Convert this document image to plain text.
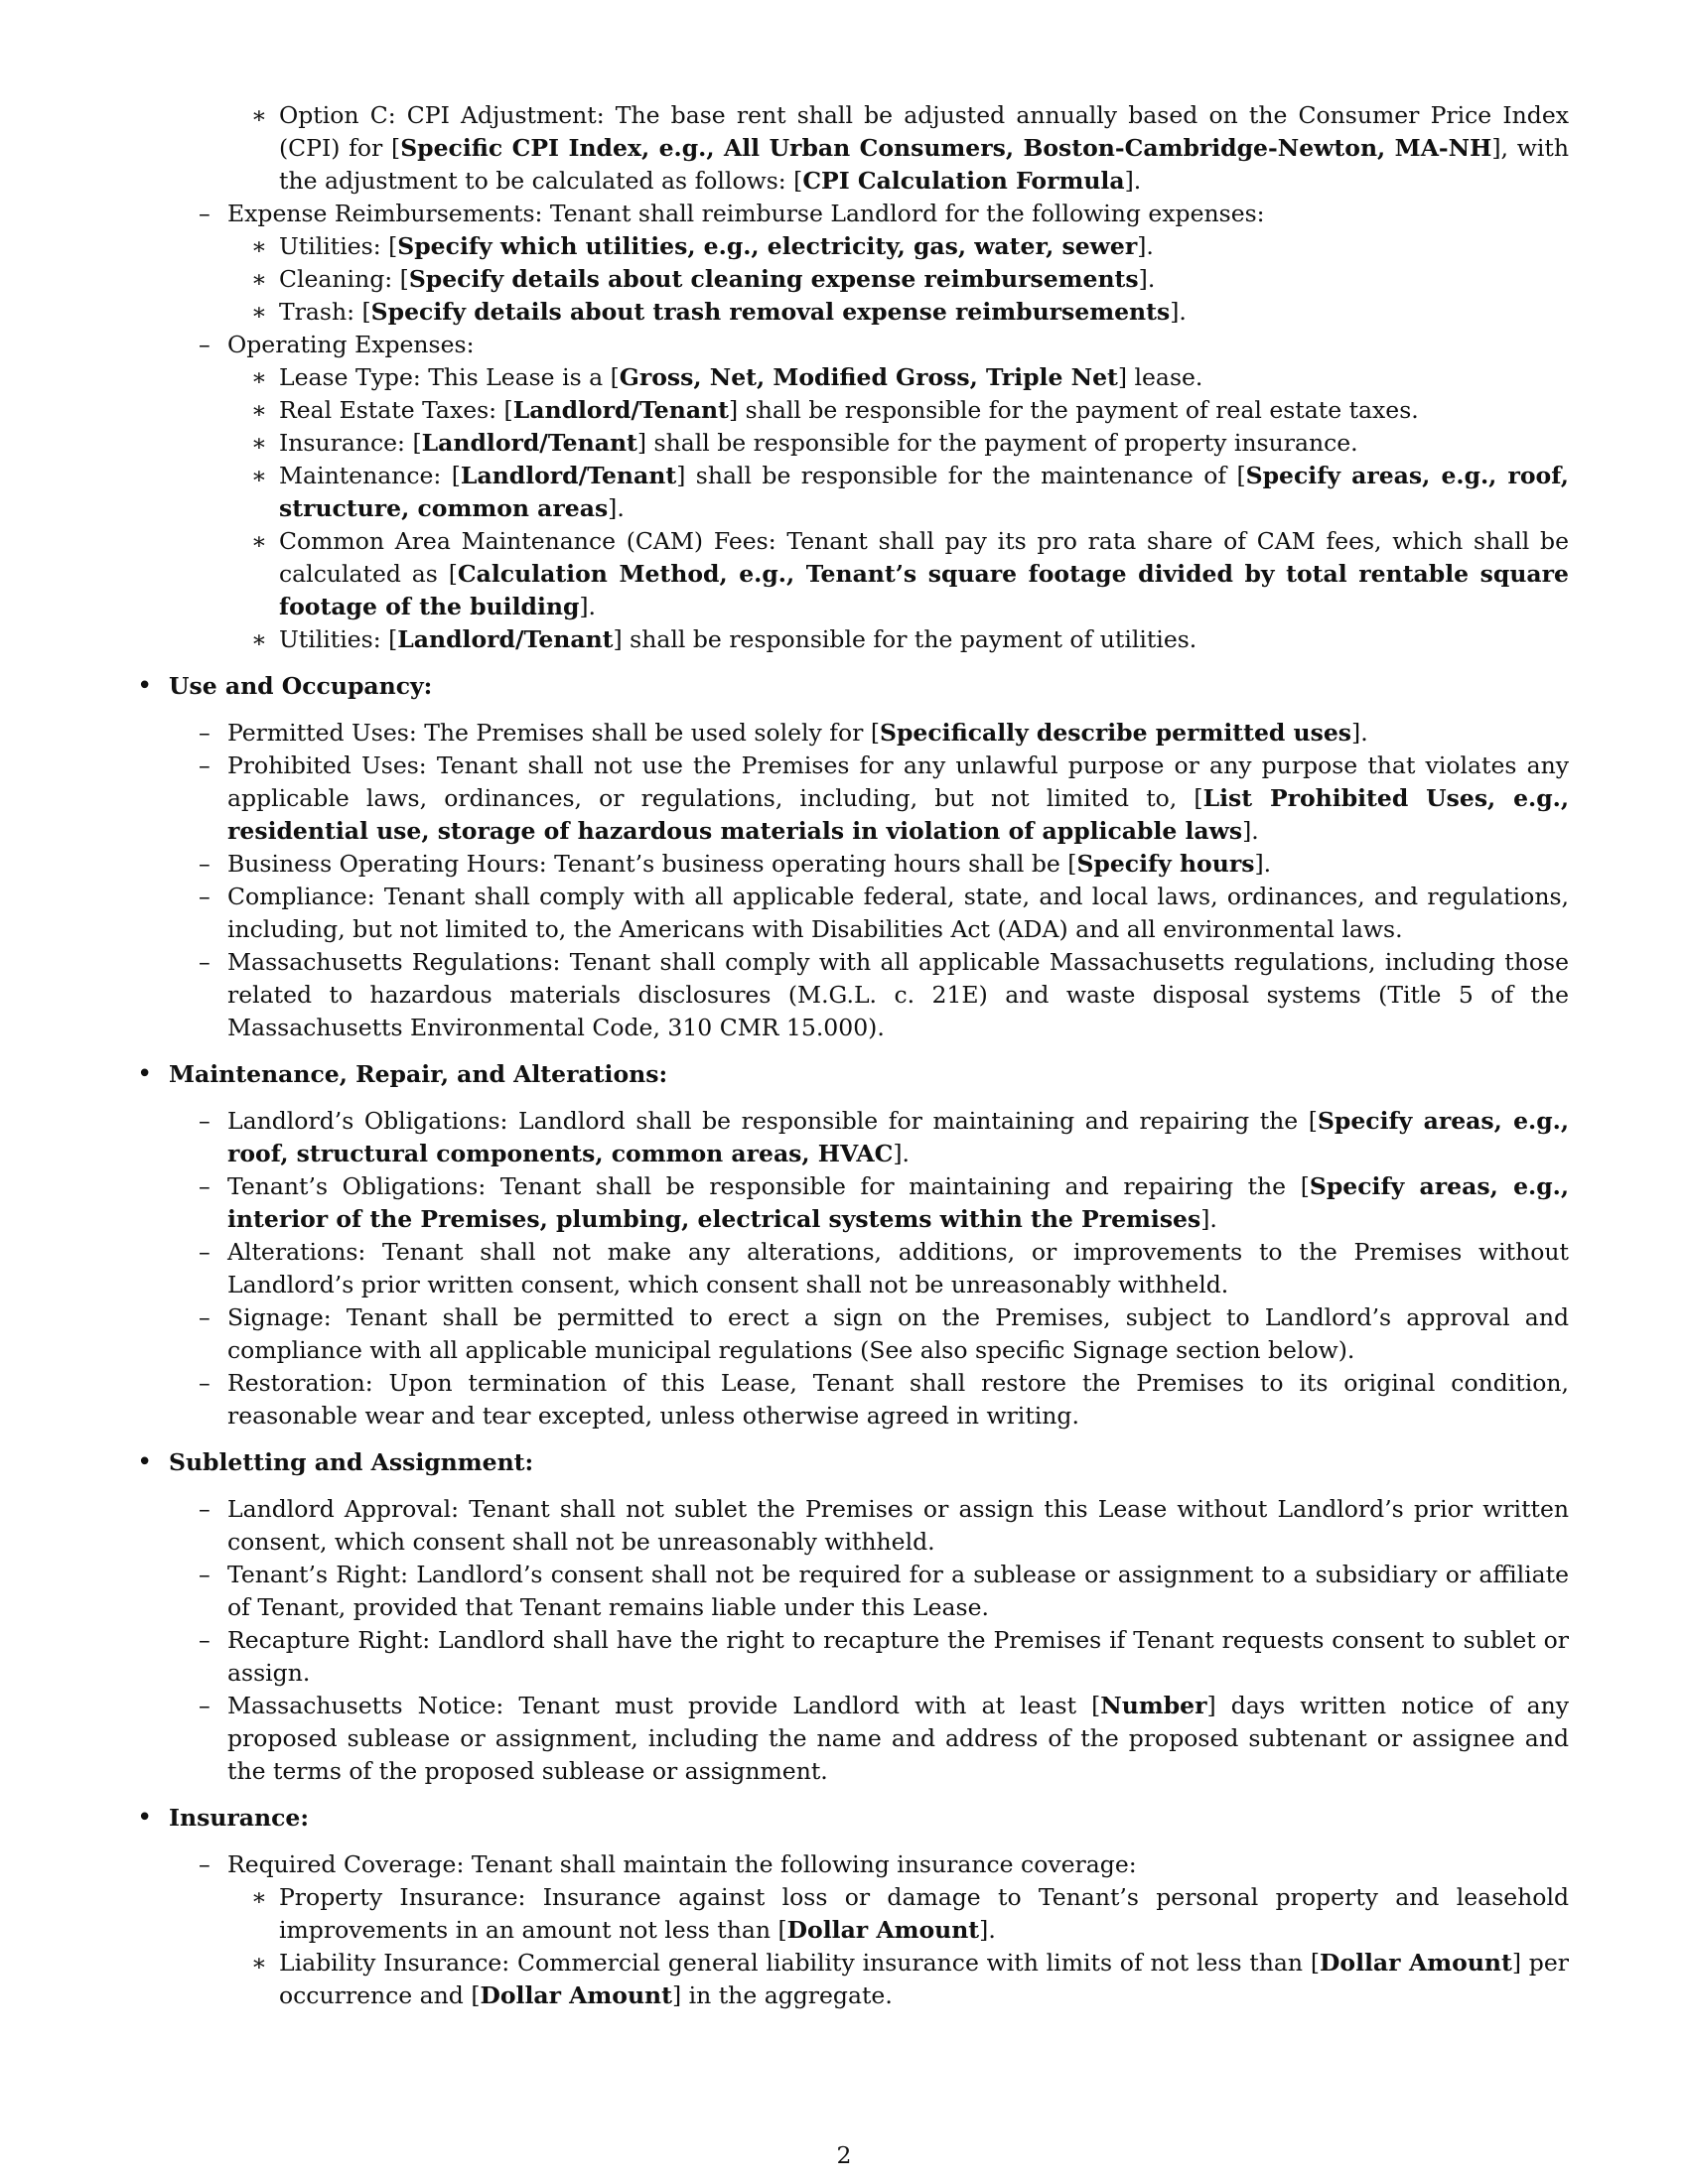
∗ Option C: CPI Adjustment: The base rent shall be adjusted annually based on the Consumer Price Index (CPI) for [Specific CPI Index, e.g., All Urban Consumers, Boston-Cambridge-Newton, MA-NH], with the adjustment to be calculated as follows: [CPI Calculation Formula].
– Expense Reimbursements: Tenant shall reimburse Landlord for the following expenses:
∗ Utilities: [Specify which utilities, e.g., electricity, gas, water, sewer].
∗ Cleaning: [Specify details about cleaning expense reimbursements].
∗ Trash: [Specify details about trash removal expense reimbursements].
– Operating Expenses:
∗ Lease Type: This Lease is a [Gross, Net, Modified Gross, Triple Net] lease.
∗ Real Estate Taxes: [Landlord/Tenant] shall be responsible for the payment of real estate taxes.
∗ Insurance: [Landlord/Tenant] shall be responsible for the payment of property insurance.
∗ Maintenance: [Landlord/Tenant] shall be responsible for the maintenance of [Specify areas, e.g., roof, structure, common areas].
∗ Common Area Maintenance (CAM) Fees: Tenant shall pay its pro rata share of CAM fees, which shall be calculated as [Calculation Method, e.g., Tenant’s square footage divided by total rentable square footage of the building].
∗ Utilities: [Landlord/Tenant] shall be responsible for the payment of utilities.
• Use and Occupancy:
– Permitted Uses: The Premises shall be used solely for [Specifically describe permitted uses].
– Prohibited Uses: Tenant shall not use the Premises for any unlawful purpose or any purpose that violates any applicable laws, ordinances, or regulations, including, but not limited to, [List Prohibited Uses, e.g., residential use, storage of hazardous materials in violation of applicable laws].
– Business Operating Hours: Tenant’s business operating hours shall be [Specify hours].
– Compliance: Tenant shall comply with all applicable federal, state, and local laws, ordinances, and regulations, including, but not limited to, the Americans with Disabilities Act (ADA) and all environmental laws.
– Massachusetts Regulations: Tenant shall comply with all applicable Massachusetts regulations, including those related to hazardous materials disclosures (M.G.L. c. 21E) and waste disposal systems (Title 5 of the Massachusetts Environmental Code, 310 CMR 15.000).
• Maintenance, Repair, and Alterations:
– Landlord’s Obligations: Landlord shall be responsible for maintaining and repairing the [Specify areas, e.g., roof, structural components, common areas, HVAC].
– Tenant’s Obligations: Tenant shall be responsible for maintaining and repairing the [Specify areas, e.g., interior of the Premises, plumbing, electrical systems within the Premises].
– Alterations: Tenant shall not make any alterations, additions, or improvements to the Premises without Landlord’s prior written consent, which consent shall not be unreasonably withheld.
– Signage: Tenant shall be permitted to erect a sign on the Premises, subject to Landlord’s approval and compliance with all applicable municipal regulations (See also specific Signage section below).
– Restoration: Upon termination of this Lease, Tenant shall restore the Premises to its original condition, reasonable wear and tear excepted, unless otherwise agreed in writing.
• Subletting and Assignment:
– Landlord Approval: Tenant shall not sublet the Premises or assign this Lease without Landlord’s prior written consent, which consent shall not be unreasonably withheld.
– Tenant’s Right: Landlord’s consent shall not be required for a sublease or assignment to a subsidiary or affiliate of Tenant, provided that Tenant remains liable under this Lease.
– Recapture Right: Landlord shall have the right to recapture the Premises if Tenant requests consent to sublet or assign.
– Massachusetts Notice: Tenant must provide Landlord with at least [Number] days written notice of any proposed sublease or assignment, including the name and address of the proposed subtenant or assignee and the terms of the proposed sublease or assignment.
• Insurance:
– Required Coverage: Tenant shall maintain the following insurance coverage:
∗ Property Insurance: Insurance against loss or damage to Tenant’s personal property and leasehold improvements in an amount not less than [Dollar Amount].
∗ Liability Insurance: Commercial general liability insurance with limits of not less than [Dollar Amount] per occurrence and [Dollar Amount] in the aggregate.
2
